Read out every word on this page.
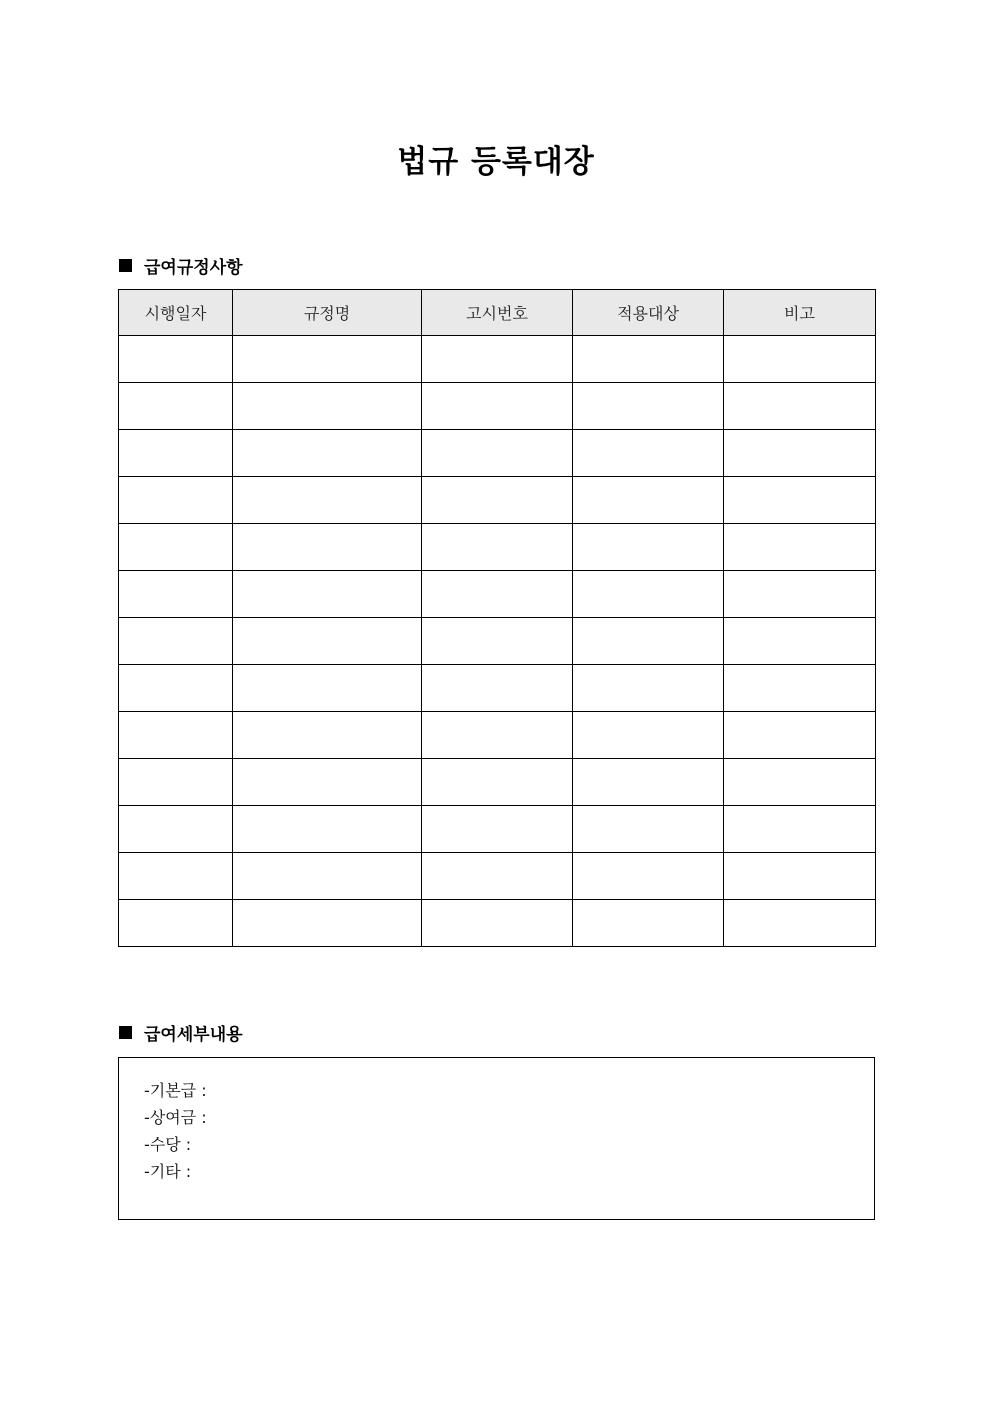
법규 등록대장
급여규정사항
시행일자	규정명	고시번호	적용대상	비고

급여세부내용
-기본급 :
-상여금 :
-수당 :
-기타 :
